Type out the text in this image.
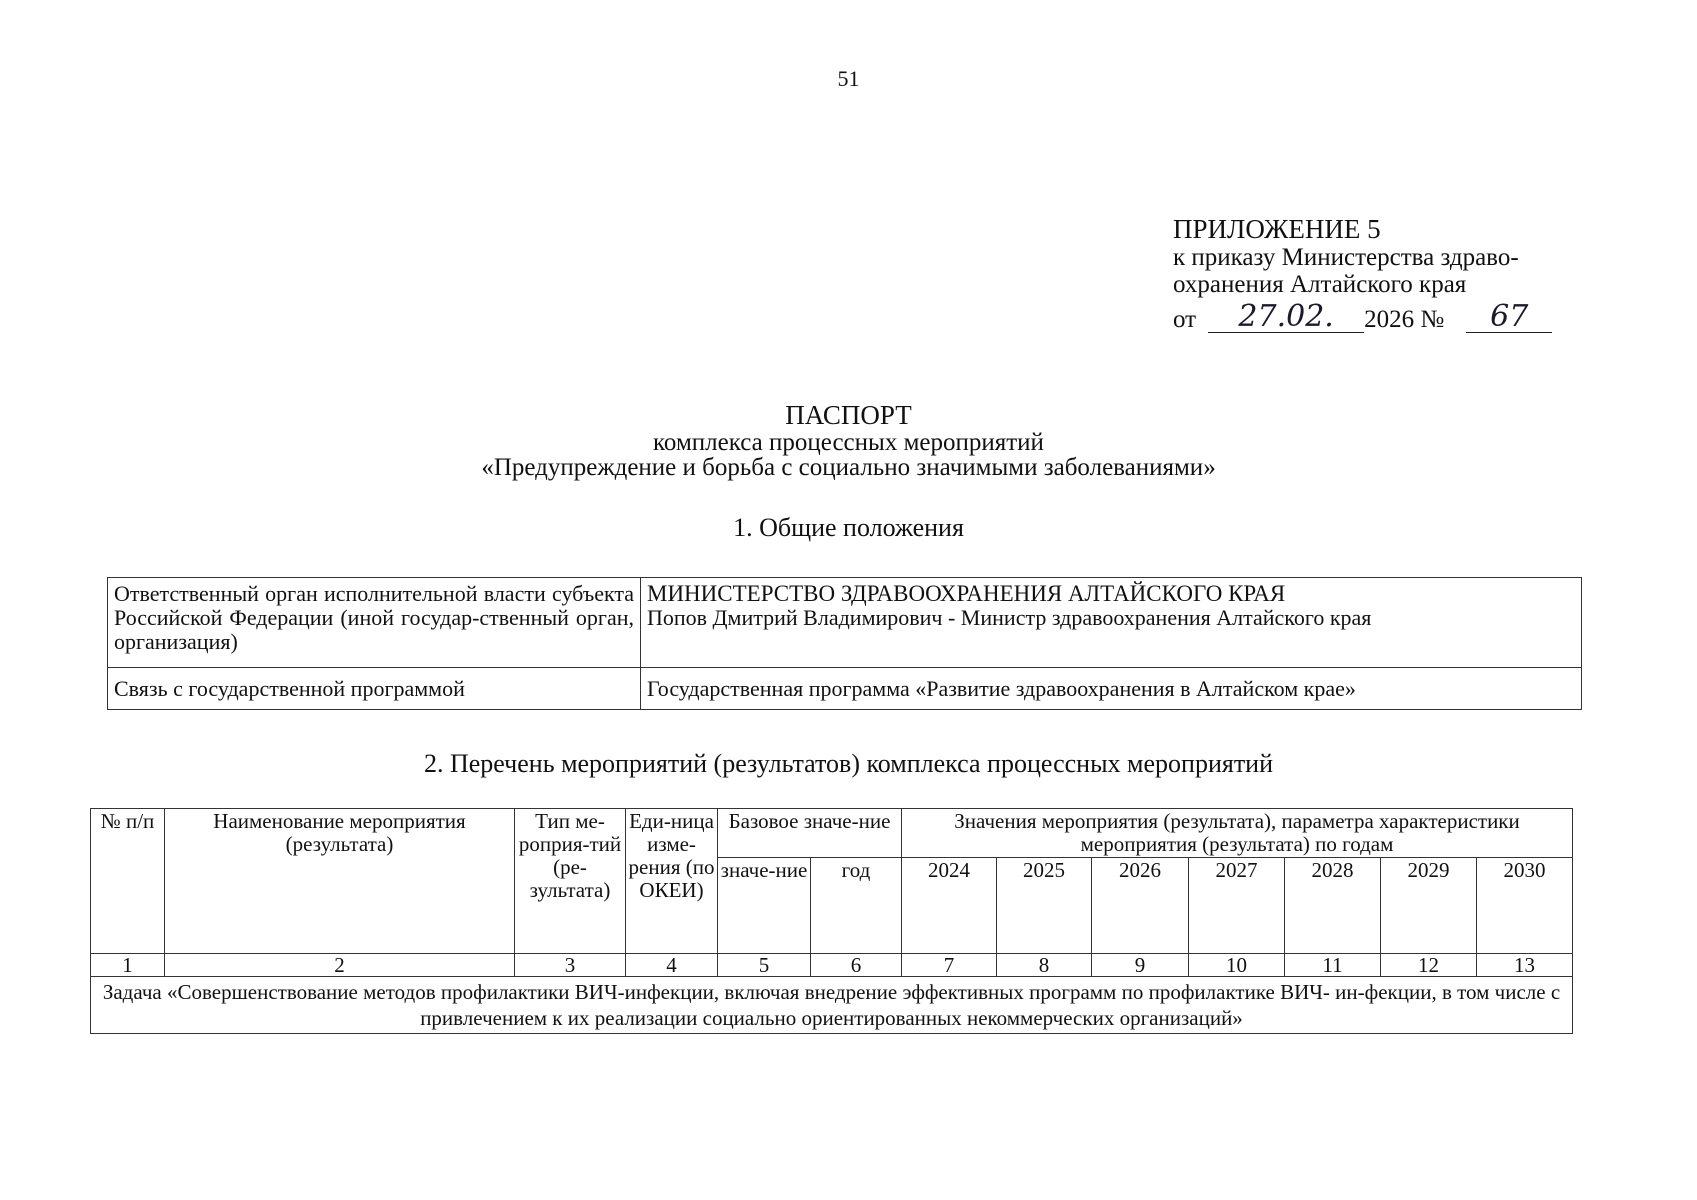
51
ПРИЛОЖЕНИЕ 5
к приказу Министерства здраво-
охранения Алтайского края
от	27.02.	2026 №	67
ПАСПОРТ
комплекса процессных мероприятий
«Предупреждение и борьба с социально значимыми заболеваниями»
1. Общие положения
Ответственный орган исполнительной власти субъекта Российской Федерации (иной государ-ственный орган, организация)	МИНИСТЕРСТВО ЗДРАВООХРАНЕНИЯ АЛТАЙСКОГО КРАЯ
Попов Дмитрий Владимирович - Министр здравоохранения Алтайского края

Связь с государственной программой	Государственная программа «Развитие здравоохранения в Алтайском крае»
2. Перечень мероприятий (результатов) комплекса процессных мероприятий
№ п/п	Наименование мероприятия (результата)	Тип ме-роприя-тий (ре-зультата)	Еди-ница изме-рения (по ОКЕИ)	Базовое значе-ние		Значения мероприятия (результата), параметра характеристики мероприятия (результата) по годам						
				значе-ние	год	2024	2025	2026	2027	2028	2029	2030
1	2	3	4	5	6	7	8	9	10	11	12	13
Задача «Совершенствование методов профилактики ВИЧ-инфекции, включая внедрение эффективных программ по профилактике ВИЧ- ин-фекции, в том числе с привлечением к их реализации социально ориентированных некоммерческих организаций»												
